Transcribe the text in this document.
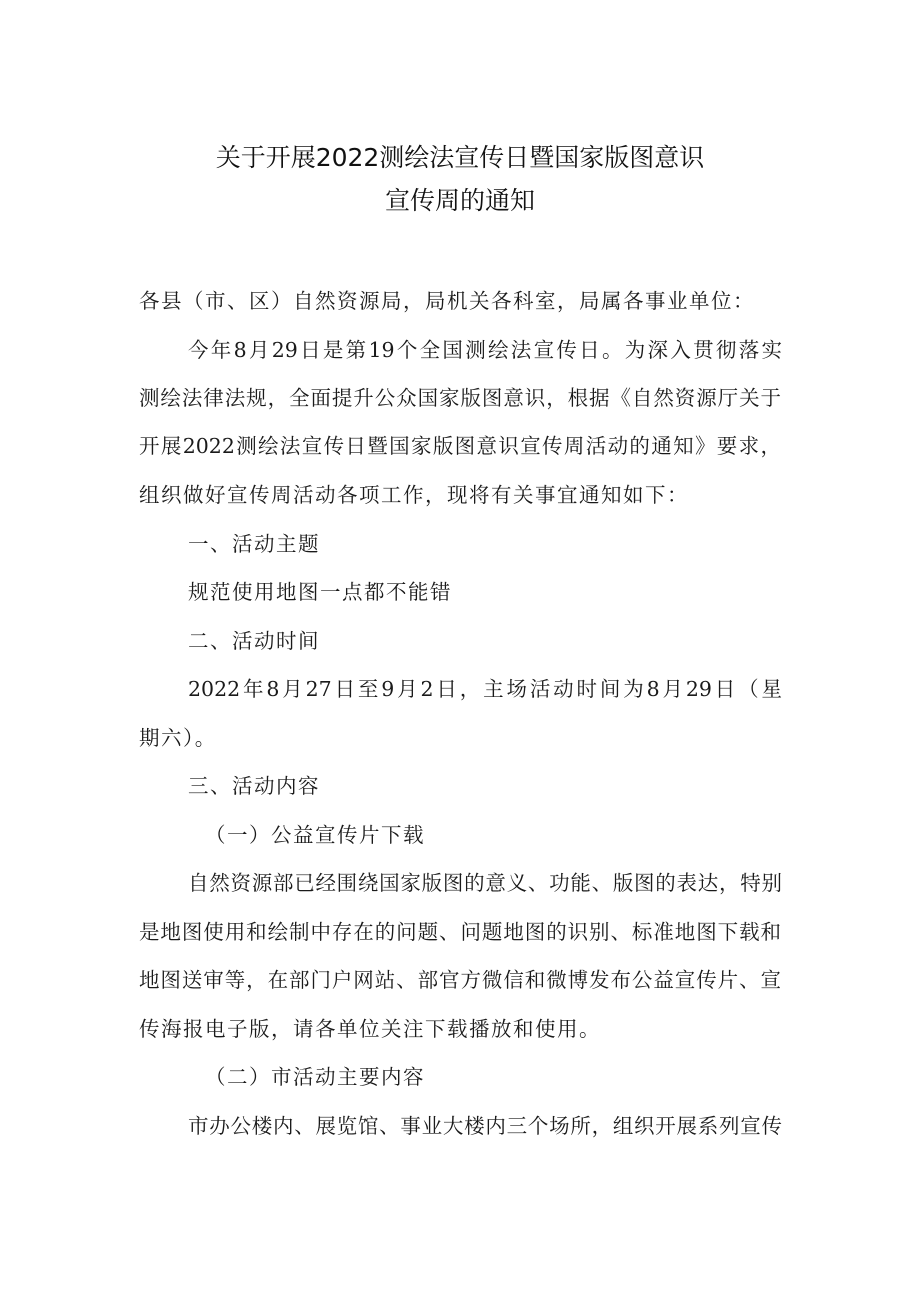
关于开展2022测绘法宣传日暨国家版图意识
宣传周的通知
各县（市、区）自然资源局，局机关各科室，局属各事业单位：
今年8月29日是第19个全国测绘法宣传日。为深入贯彻落实
测绘法律法规，全面提升公众国家版图意识，根据《自然资源厅关于
开展2022测绘法宣传日暨国家版图意识宣传周活动的通知》要求，
组织做好宣传周活动各项工作，现将有关事宜通知如下：
一、活动主题
规范使用地图一点都不能错
二、活动时间
2022年8月27日至9月2日，主场活动时间为8月29日（星
期六）。
三、活动内容
（一）公益宣传片下载
自然资源部已经围绕国家版图的意义、功能、版图的表达，特别
是地图使用和绘制中存在的问题、问题地图的识别、标准地图下载和
地图送审等，在部门户网站、部官方微信和微博发布公益宣传片、宣
传海报电子版，请各单位关注下载播放和使用。
（二）市活动主要内容
市办公楼内、展览馆、事业大楼内三个场所，组织开展系列宣传
